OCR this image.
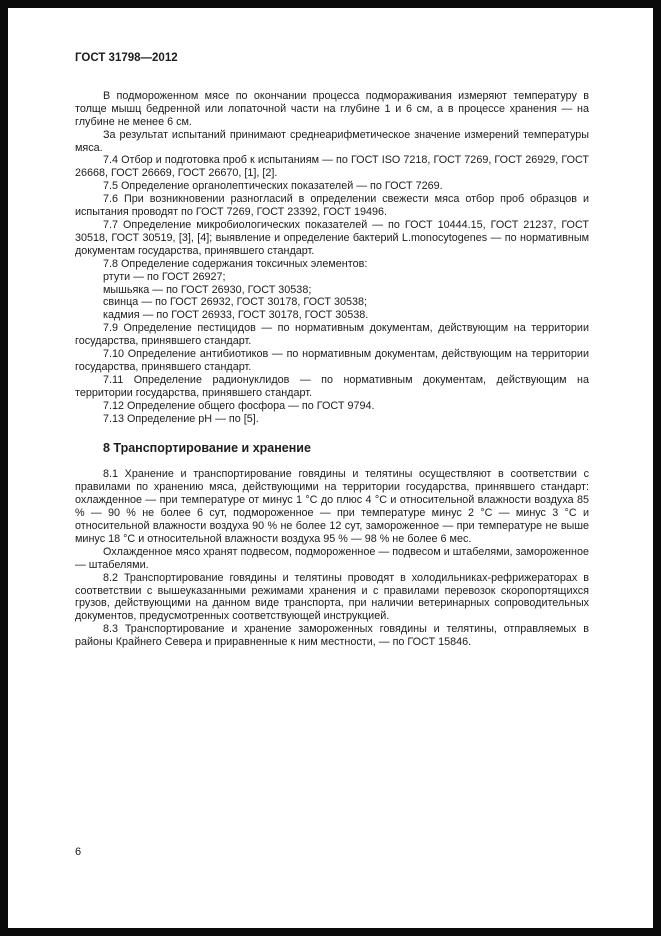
ГОСТ 31798—2012

В подмороженном мясе по окончании процесса подмораживания измеряют температуру в толще мышц бедренной или лопаточной части на глубине 1 и 6 см, а в процессе хранения — на глубине не менее 6 см.

За результат испытаний принимают среднеарифметическое значение измерений температуры мяса.

7.4 Отбор и подготовка проб к испытаниям — по ГОСТ ISO 7218, ГОСТ 7269, ГОСТ 26929, ГОСТ 26668, ГОСТ 26669, ГОСТ 26670, [1], [2].

7.5 Определение органолептических показателей — по ГОСТ 7269.

7.6 При возникновении разногласий в определении свежести мяса отбор проб образцов и испытания проводят по ГОСТ 7269, ГОСТ 23392, ГОСТ 19496.

7.7 Определение микробиологических показателей — по ГОСТ 10444.15, ГОСТ 21237, ГОСТ 30518, ГОСТ 30519, [3], [4]; выявление и определение бактерий L.monocytogenes — по нормативным документам государства, принявшего стандарт.

7.8 Определение содержания токсичных элементов:

ртути — по ГОСТ 26927;

мышьяка — по ГОСТ 26930, ГОСТ 30538;

свинца — по ГОСТ 26932, ГОСТ 30178, ГОСТ 30538;

кадмия — по ГОСТ 26933, ГОСТ 30178, ГОСТ 30538.

7.9 Определение пестицидов — по нормативным документам, действующим на территории государства, принявшего стандарт.

7.10 Определение антибиотиков — по нормативным документам, действующим на территории государства, принявшего стандарт.

7.11 Определение радионуклидов — по нормативным документам, действующим на территории государства, принявшего стандарт.

7.12 Определение общего фосфора — по ГОСТ 9794.

7.13 Определение pH — по [5].

8 Транспортирование и хранение

8.1 Хранение и транспортирование говядины и телятины осуществляют в соответствии с правилами по хранению мяса, действующими на территории государства, принявшего стандарт: охлажденное — при температуре от минус 1 °С до плюс 4 °С и относительной влажности воздуха 85 % — 90 % не более 6 сут, подмороженное — при температуре минус 2 °С — минус 3 °С и относительной влажности воздуха 90 % не более 12 сут, замороженное — при температуре не выше минус 18 °С и относительной влажности воздуха 95 % — 98 % не более 6 мес.

Охлажденное мясо хранят подвесом, подмороженное — подвесом и штабелями, замороженное — штабелями.

8.2 Транспортирование говядины и телятины проводят в холодильниках-рефрижераторах в соответствии с вышеуказанными режимами хранения и с правилами перевозок скоропортящихся грузов, действующими на данном виде транспорта, при наличии ветеринарных сопроводительных документов, предусмотренных соответствующей инструкцией.

8.3 Транспортирование и хранение замороженных говядины и телятины, отправляемых в районы Крайнего Севера и приравненные к ним местности, — по ГОСТ 15846.

6
